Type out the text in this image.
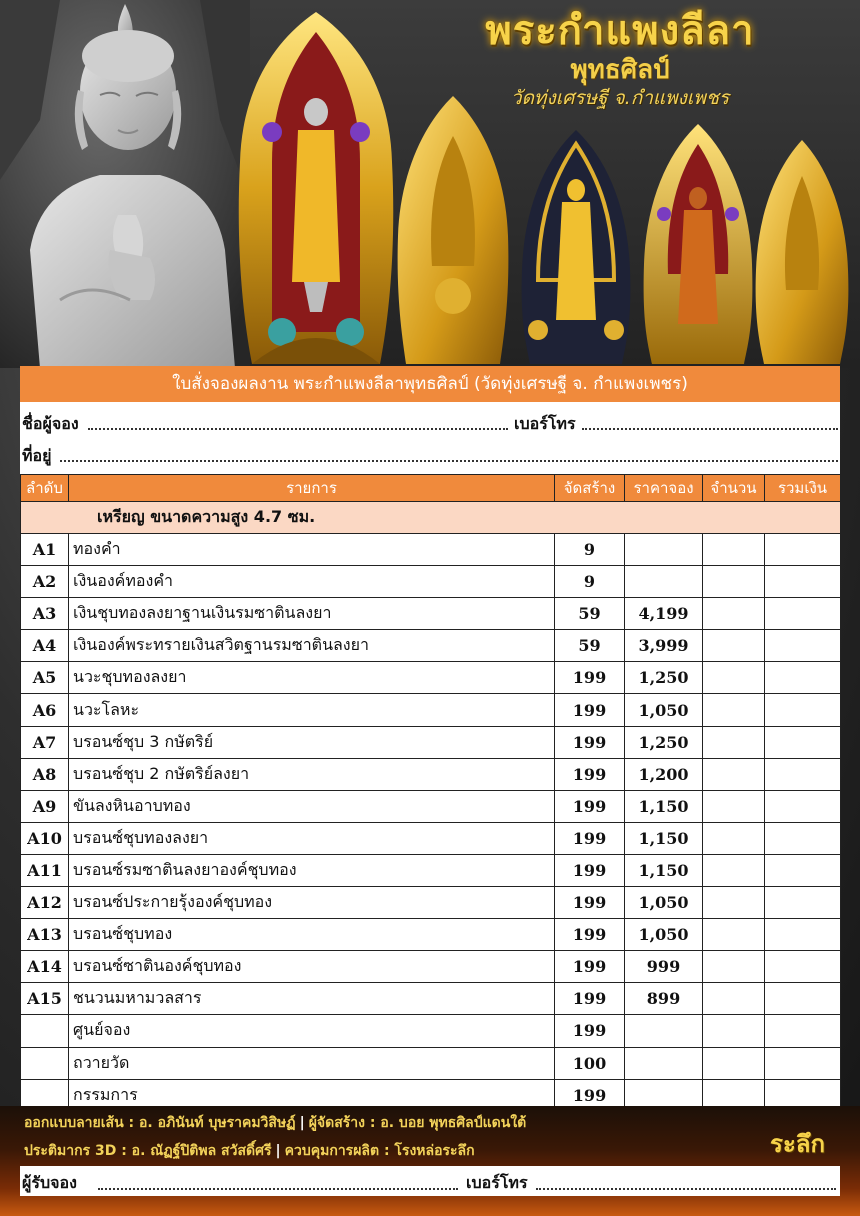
พระกำแพงลีลา
พุทธศิลป์
วัดทุ่งเศรษฐี จ.กำแพงเพชร
ใบสั่งจองผลงาน พระกำแพงลีลาพุทธศิลป์ (วัดทุ่งเศรษฐี จ. กำแพงเพชร)
ชื่อผู้จอง	เบอร์โทร
ที่อยู่
ลำดับ	รายการ	จัดสร้าง	ราคาจอง	จำนวน	รวมเงิน
เหรียญ ขนาดความสูง 4.7 ซม.					
A1	ทองคำ	9			
A2	เงินองค์ทองคำ	9			
A3	เงินชุบทองลงยาฐานเงินรมซาตินลงยา	59	4,199		
A4	เงินองค์พระทรายเงินสวิตฐานรมซาตินลงยา	59	3,999		
A5	นวะชุบทองลงยา	199	1,250		
A6	นวะโลหะ	199	1,050		
A7	บรอนซ์ชุบ 3 กษัตริย์	199	1,250		
A8	บรอนซ์ชุบ 2 กษัตริย์ลงยา	199	1,200		
A9	ขันลงหินอาบทอง	199	1,150		
A10	บรอนซ์ชุบทองลงยา	199	1,150		
A11	บรอนซ์รมซาตินลงยาองค์ชุบทอง	199	1,150		
A12	บรอนซ์ประกายรุ้งองค์ชุบทอง	199	1,050		
A13	บรอนซ์ชุบทอง	199	1,050		
A14	บรอนซ์ซาตินองค์ชุบทอง	199	999		
A15	ชนวนมหามวลสาร	199	899		
	ศูนย์จอง	199			
	ถวายวัด	100			
	กรรมการ	199			
ออกแบบลายเส้น : อ. อภินันท์ บุษราคมวิสิษฏ์ | ผู้จัดสร้าง : อ. บอย พุทธศิลป์แดนใต้
ประติมากร 3D : อ. ณัฏฐ์ปิติพล สวัสดิ์ศรี | ควบคุมการผลิต : โรงหล่อระลึก	ระลึก
ผู้รับจอง	เบอร์โทร
